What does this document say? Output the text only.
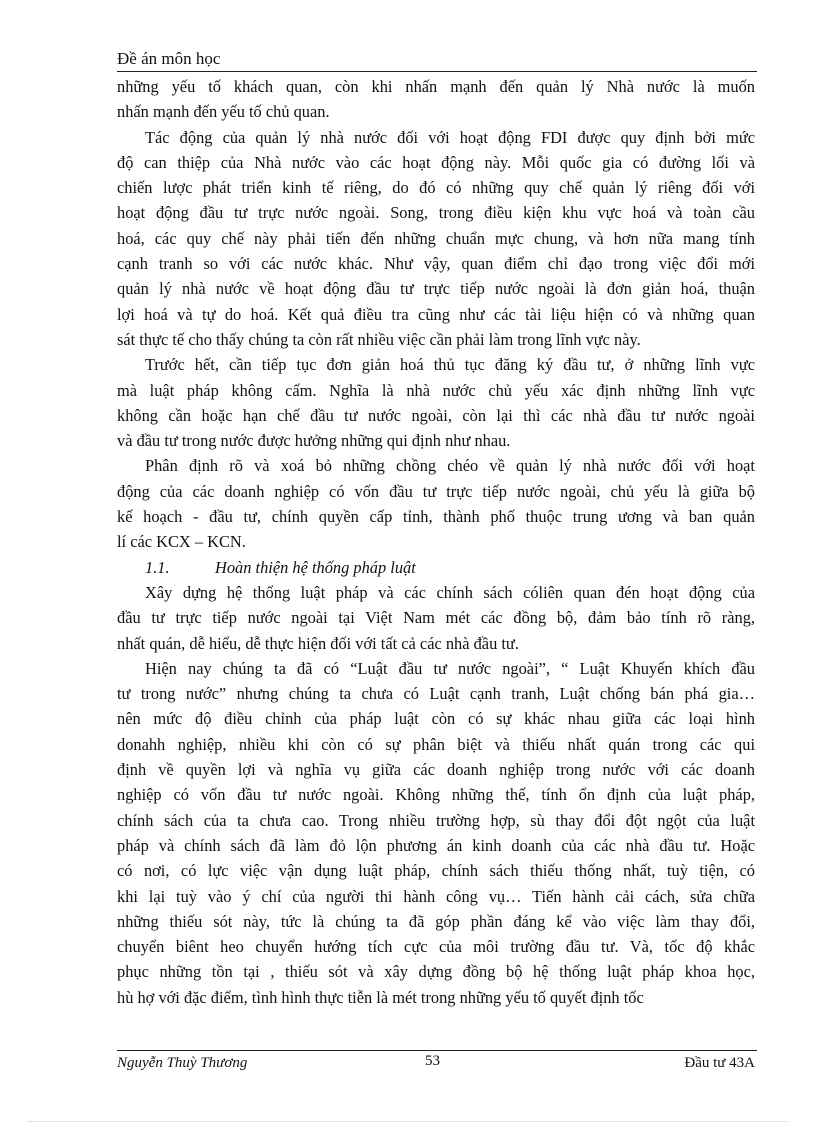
Đề án môn học
những yếu tố khách quan, còn khi nhấn mạnh đến quản lý Nhà nước là muốn
nhấn mạnh đến yếu tố chủ quan.
Tác động của quản lý nhà nước đối với hoạt động FDI được quy định bởi mức
độ can thiệp của Nhà nước vào các hoạt động này. Mỗi quốc gia có đường lối và
chiến lược phát triển kinh tế riêng, do đó có những quy chế quản lý riêng đối với
hoạt động đầu tư trực nước ngoài. Song, trong điều kiện khu vực hoá và toàn cầu
hoá, các quy chế này phải tiến đến những chuẩn mực chung, và hơn nữa mang tính
cạnh tranh so với các nước khác. Như vậy, quan điểm chỉ đạo trong việc đổi mới
quản lý nhà nước về hoạt động đầu tư trực tiếp nước ngoài là đơn giản hoá, thuận
lợi hoá và tự do hoá. Kết quả điều tra cũng như các tài liệu hiện có và những quan
sát thực tế cho thấy chúng ta còn rất nhiều việc cần phải làm trong lĩnh vực này.
Trước hết, cần tiếp tục đơn giản hoá thủ tục đăng ký đầu tư, ở những lĩnh vực
mà luật pháp không cấm. Nghĩa là nhà nước chủ yếu xác định những lĩnh vực
không cần hoặc hạn chế đầu tư nước ngoài, còn lại thì các nhà đầu tư nước ngoài
và đầu tư trong nước được hưởng những qui định như nhau.
Phân định rõ và xoá bỏ những chồng chéo về quản lý nhà nước đối với hoạt
động của các doanh nghiệp có vốn đầu tư trực tiếp nước ngoài, chủ yếu là giữa bộ
kế hoạch - đầu tư, chính quyền cấp tỉnh, thành phố thuộc trung ương và ban quản
lí các KCX – KCN.
1.1.	Hoàn thiện hệ thống pháp luật
Xây dựng hệ thống luật pháp và các chính sách cóliên quan đén hoạt động của
đầu tư trực tiếp nước ngoài tại Việt Nam mét các đồng bộ, đảm bảo tính rõ ràng,
nhất quán, dễ hiểu, dễ thực hiện đối với tất cả các nhà đầu tư.
Hiện nay chúng ta đã có “Luật đầu tư nước ngoài”, “ Luật Khuyến khích đầu
tư trong nước” nhưng chúng ta chưa có Luật cạnh tranh, Luật chống bán phá gia…
nên mức độ điều chỉnh của pháp luật còn có sự khác nhau giữa các loại hình
donahh nghiệp, nhiều khi còn có sự phân biệt và thiếu nhất quán trong các qui
định về quyền lợi và nghĩa vụ giữa các doanh nghiệp trong nước với các doanh
nghiệp có vốn đầu tư nước ngoài. Không những thế, tính ổn định của luật pháp,
chính sách của ta chưa cao. Trong nhiều trường hợp, sù thay đổi đột ngột của luật
pháp và chính sách đã làm đỏ lộn phương án kinh doanh của các nhà đầu tư. Hoặc
có nơi, có lực việc vận dụng luật pháp, chính sách thiếu thống nhất, tuỳ tiện, có
khi lại tuỳ vào ý chí của người thi hành công vụ… Tiến hành cải cách, sửa chữa
những thiếu sót này, tức là chúng ta đã góp phần đáng kể vào việc làm thay đổi,
chuyển biênt heo chuyển hướng tích cực của môi trường đầu tư. Và, tốc độ khắc
phục những tồn tại , thiếu sót và xây dựng đồng bộ hệ thống luật pháp khoa học,
hù hợ với đặc điểm, tình hình thực tiễn là mét trong những yếu tố quyết định tốc
Nguyễn Thuỳ Thương	53	Đầu tư 43A
